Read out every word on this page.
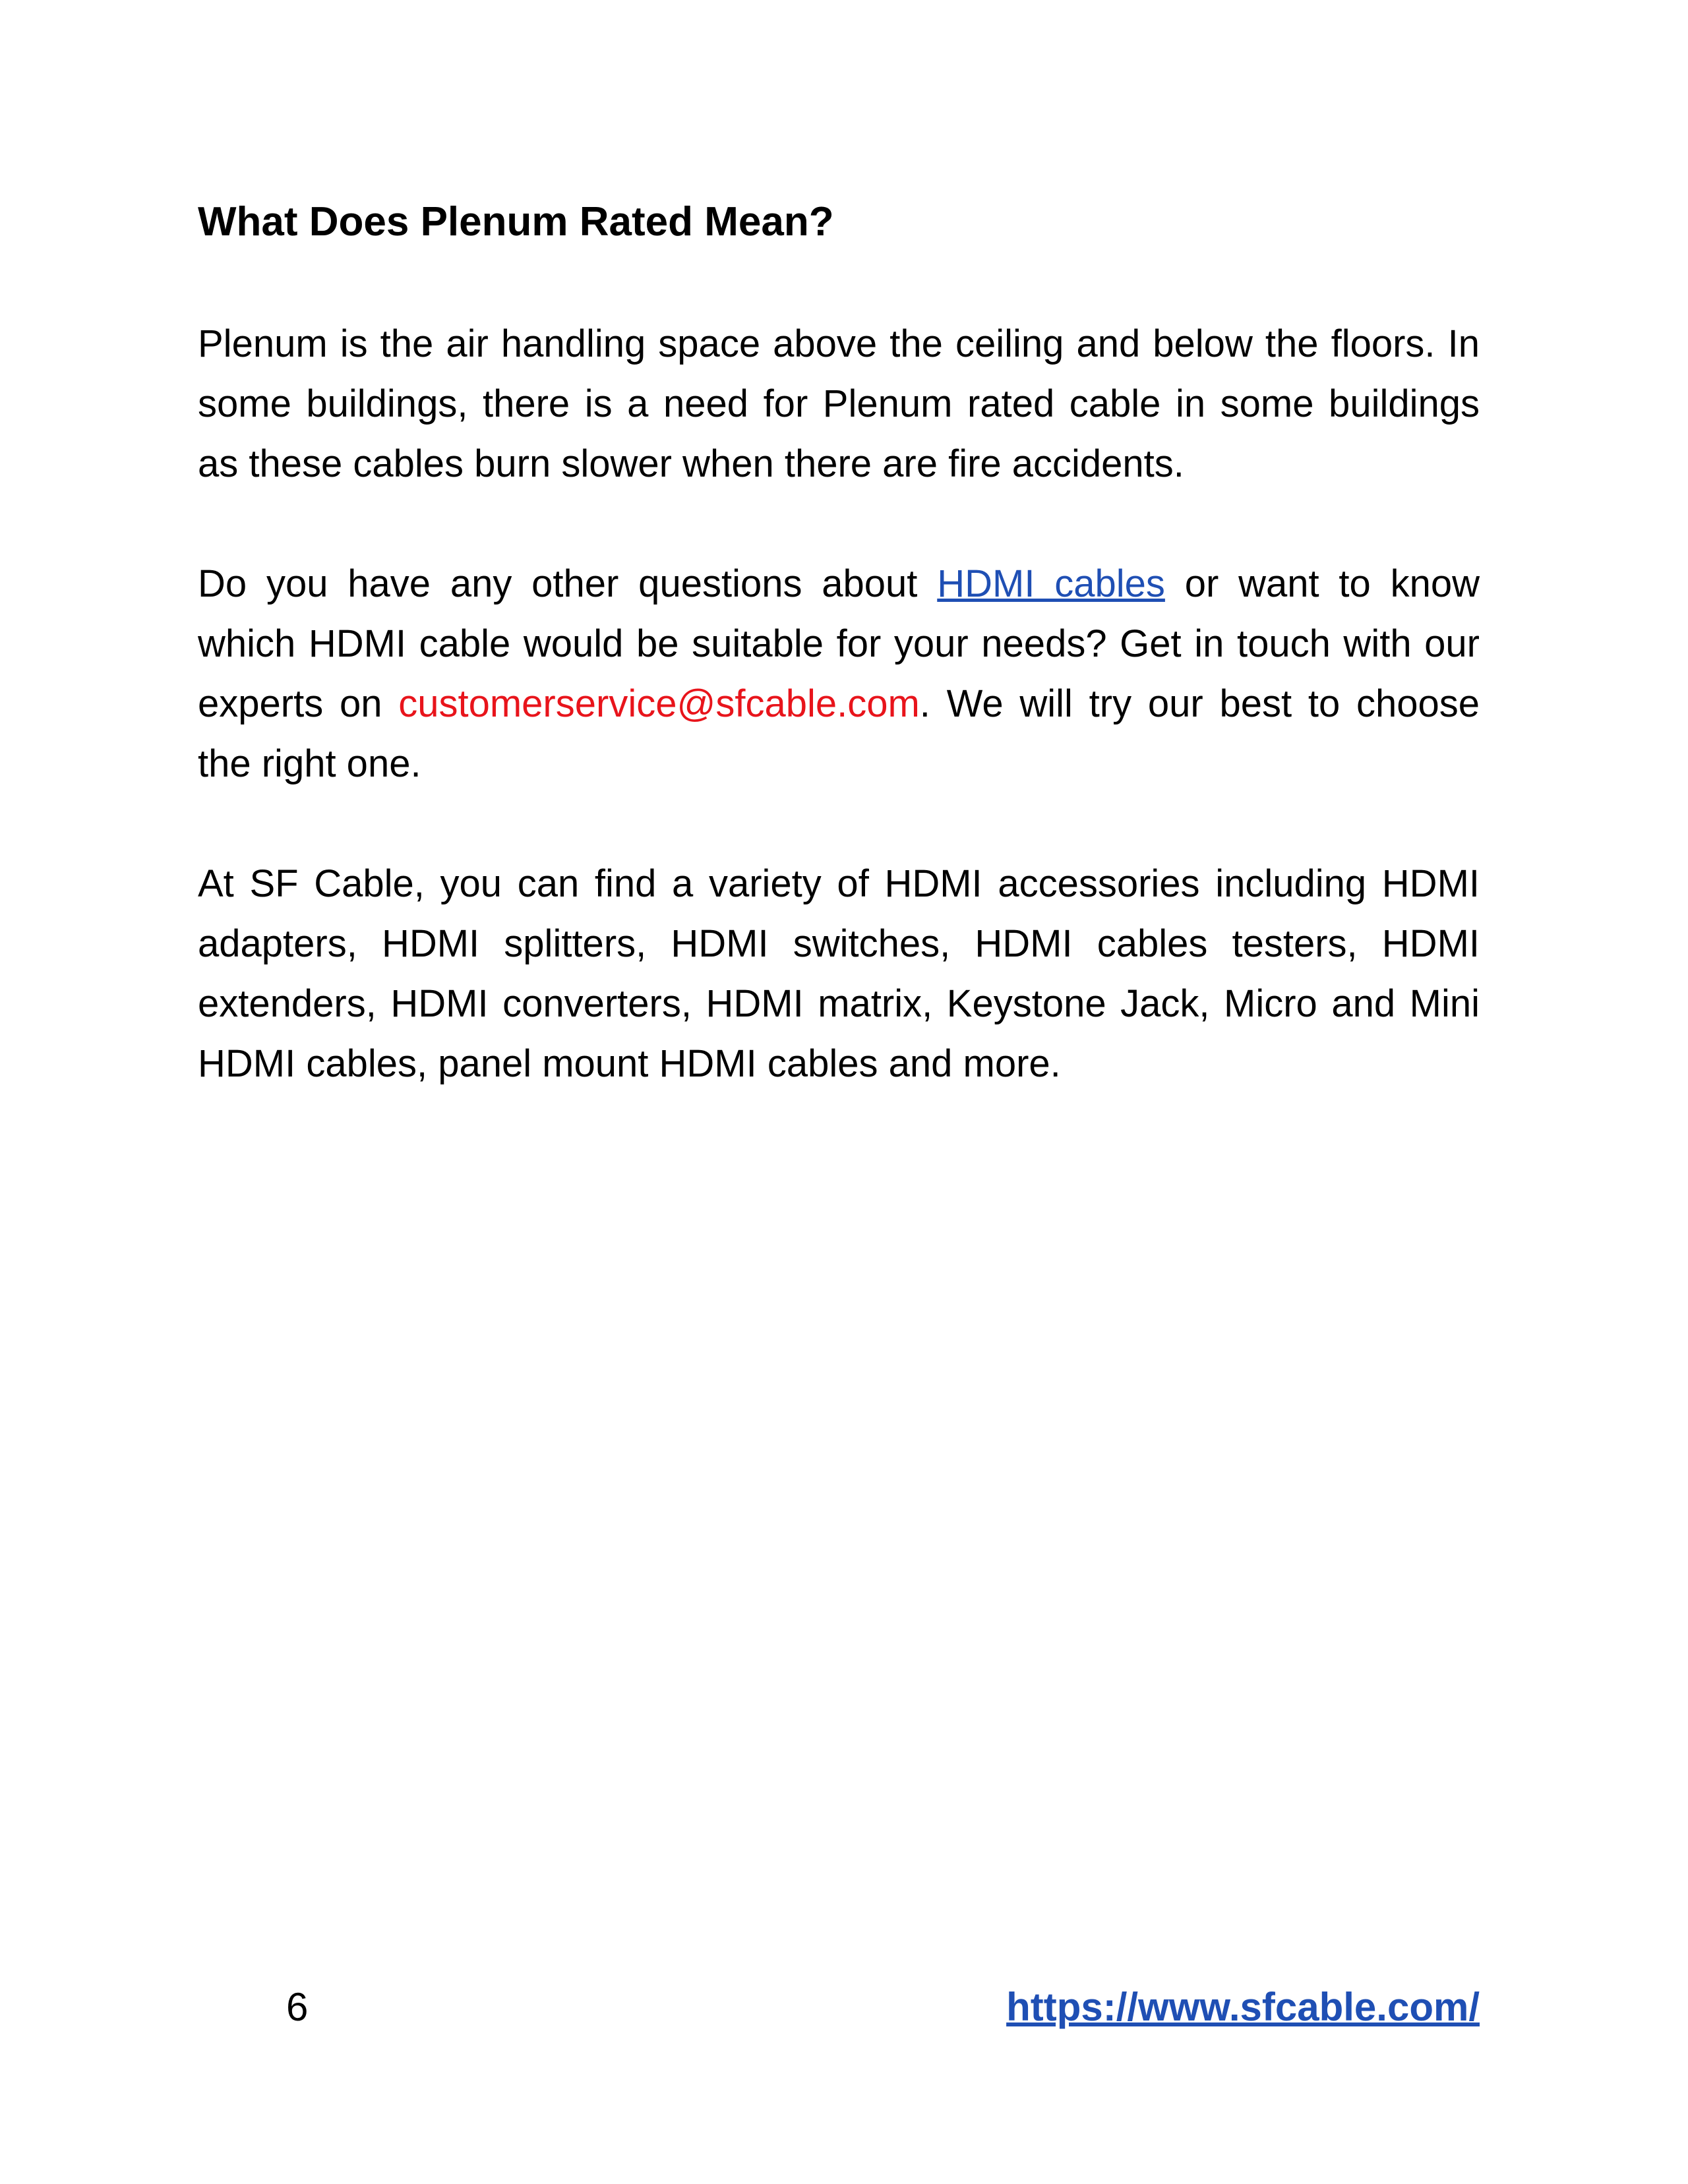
What Does Plenum Rated Mean?

Plenum is the air handling space above the ceiling and below the floors. In some buildings, there is a need for Plenum rated cable in some buildings as these cables burn slower when there are fire accidents.

Do you have any other questions about HDMI cables or want to know which HDMI cable would be suitable for your needs? Get in touch with our experts on customerservice@sfcable.com. We will try our best to choose the right one.

At SF Cable, you can find a variety of HDMI accessories including HDMI adapters, HDMI splitters, HDMI switches, HDMI cables testers, HDMI extenders, HDMI converters, HDMI matrix, Keystone Jack, Micro and Mini HDMI cables, panel mount HDMI cables and more.

6	https://www.sfcable.com/
